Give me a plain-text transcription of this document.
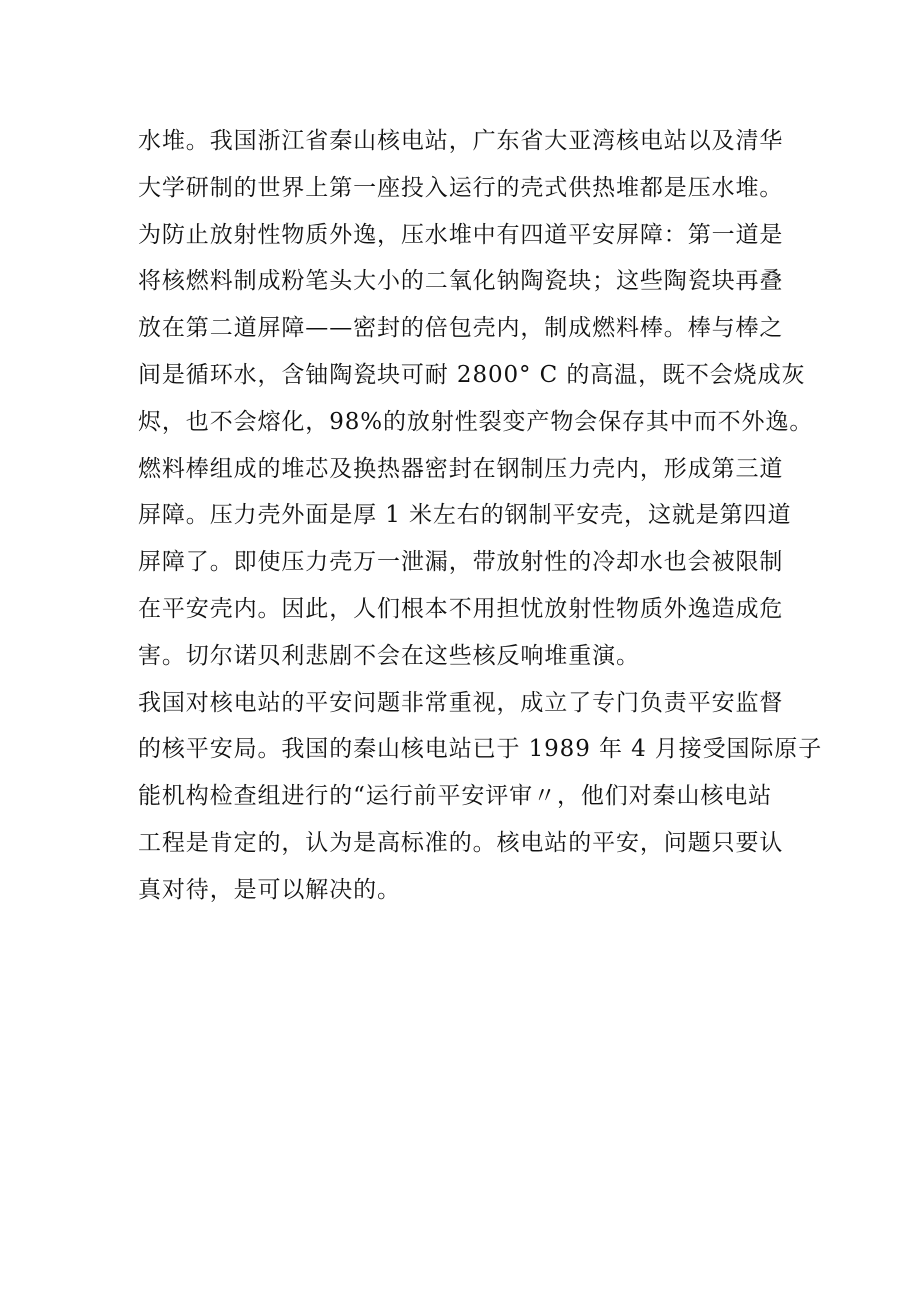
水堆。我国浙江省秦山核电站，广东省大亚湾核电站以及清华
大学研制的世界上第一座投入运行的壳式供热堆都是压水堆。
为防止放射性物质外逸，压水堆中有四道平安屏障：第一道是
将核燃料制成粉笔头大小的二氧化钠陶瓷块；这些陶瓷块再叠
放在第二道屏障——密封的倍包壳内，制成燃料棒。棒与棒之
间是循环水，含铀陶瓷块可耐 2800° C 的高温，既不会烧成灰
烬，也不会熔化，98%的放射性裂变产物会保存其中而不外逸。
燃料棒组成的堆芯及换热器密封在钢制压力壳内，形成第三道
屏障。压力壳外面是厚 1 米左右的钢制平安壳，这就是第四道
屏障了。即使压力壳万一泄漏，带放射性的冷却水也会被限制
在平安壳内。因此，人们根本不用担忧放射性物质外逸造成危
害。切尔诺贝利悲剧不会在这些核反响堆重演。
我国对核电站的平安问题非常重视，成立了专门负责平安监督
的核平安局。我国的秦山核电站已于 1989 年 4 月接受国际原子
能机构检查组进行的“运行前平安评审〃，他们对秦山核电站
工程是肯定的，认为是高标准的。核电站的平安，问题只要认
真对待，是可以解决的。
